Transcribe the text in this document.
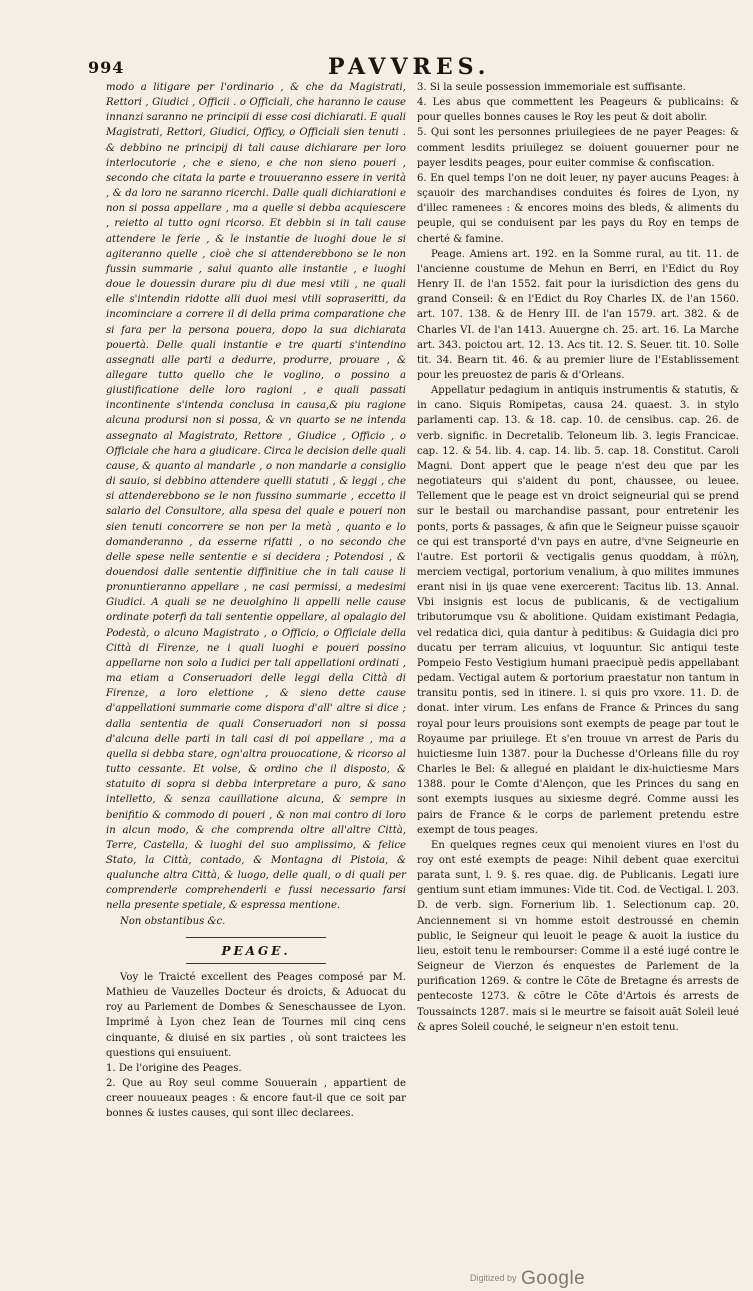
994	PAVVRES.

modo a litigare per l'ordinario , & che da Magistrati, Rettori , Giudici , Officii . o Officiali, che haranno le cause innanzi saranno ne principii di esse cosi dichiarati. E quali Magistrati, Rettori, Giudici, Officy, o Officiali sien tenuti . & debbino ne principij di tali cause dichiarare per loro interlocutorie , che e sieno, e che non sieno poueri , secondo che citata la parte e trouueranno essere in verità , & da loro ne saranno ricerchi. Dalle quali dichiarationi e non si possa appellare , ma a quelle si debba acquiescere , reietto al tutto ogni ricorso. Et debbin si in tali cause attendere le ferie , & le instantie de luoghi doue le si agiteranno quelle , cioè che si attenderebbono se le non fussin summarie , salui quanto alle instantie , e luoghi doue le douessin durare piu di due mesi vtili , ne quali elle s'intendin ridotte alli duoi mesi vtili sopraseritti, da incominciare a correre il di della prima comparatione che si fara per la persona pouera, dopo la sua dichiarata pouertà. Delle quali instantie e tre quarti s'intendino assegnati alle parti a dedurre, produrre, prouare , & allegare tutto quello che le voglino, o possino a giustificatione delle loro ragioni , e quali passati incontinente s'intenda conclusa in causa,& piu ragione alcuna prodursi non si possa, & vn quarto se ne intenda assegnato al Magistrato, Rettore , Giudice , Officio , o Officiale che hara a giudicare. Circa le decision delle quali cause, & quanto al mandarle , o non mandarle a consiglio di sauio, si debbino attendere quelli statuti , & leggi , che si attenderebbono se le non fussino summarie , eccetto il salario del Consultore, alla spesa del quale e poueri non sien tenuti concorrere se non per la metà , quanto e lo domanderanno , da esserne rifatti , o no secondo che delle spese nelle sententie e si decidera ; Potendosi , & douendosi dalle sententie diffinitiue che in tali cause li pronuntieranno appellare , ne casi permissi, a medesimi Giudici. A quali se ne deuolghino li appelli nelle cause ordinate poterfi da tali sententie oppellare, al opalagio del Podestà, o alcuno Magistrato , o Officio, o Officiale della Città di Firenze, ne i quali luoghi e poueri possino appellarne non solo a Iudici per tali appellationi ordinati , ma etiam a Conseruadori delle leggi della Città di Firenze, a loro elettione , & sieno dette cause d'appellationi summarie come dispora d'all' altre si dice ; dalla sententia de quali Conseruadori non si possa d'alcuna delle parti in tali casi di poi appellare , ma a quella si debba stare, ogn'altra prouocatione, & ricorso al tutto cessante. Et volse, & ordino che il disposto, & statuito di sopra si debba interpretare a puro, & sano intelletto, & senza cauillatione alcuna, & sempre in benifitio & commodo di poueri , & non mai contro di loro in alcun modo, & che comprenda oltre all'altre Città, Terre, Castella, & luoghi del suo amplissimo, & felice Stato, la Città, contado, & Montagna di Pistoia, & qualunche altra Città, & luogo, delle quali, o di quali per comprenderle comprehenderli e fussi necessario farsi nella presente spetiale, & espressa mentione.

Non obstantibus &c.

PEAGE.

Voy le Traicté excellent des Peages composé par M. Mathieu de Vauzelles Docteur és droicts, & Aduocat du roy au Parlement de Dombes & Seneschaussee de Lyon. Imprimé à Lyon chez Iean de Tournes mil cinq cens cinquante, & diuisé en six parties , où sont traictees les questions qui ensuiuent.

1. De l'origine des Peages.

2. Que au Roy seul comme Souuerain , appartient de creer nouueaux peages : & encore faut-il que ce soit par bonnes & iustes causes, qui sont illec declarees.

3. Si la seule possession immemoriale est suffisante.

4. Les abus que commettent les Peageurs & publicains: & pour quelles bonnes causes le Roy les peut & doit abolir.

5. Qui sont les personnes priuilegiees de ne payer Peages: & comment lesdits priuilegez se doiuent gouuerner pour ne payer lesdits peages, pour euiter commise & confiscation.

6. En quel temps l'on ne doit leuer, ny payer aucuns Peages: à sçauoir des marchandises conduites és foires de Lyon, ny d'illec ramenees : & encores moins des bleds, & aliments du peuple, qui se conduisent par les pays du Roy en temps de cherté & famine.

Peage. Amiens art. 192. en la Somme rural, au tit. 11. de l'ancienne coustume de Mehun en Berri, en l'Edict du Roy Henry II. de l'an 1552. fait pour la iurisdiction des gens du grand Conseil: & en l'Edict du Roy Charles IX. de l'an 1560. art. 107. 138. & de Henry III. de l'an 1579. art. 382. & de Charles VI. de l'an 1413. Auuergne ch. 25. art. 16. La Marche art. 343. poictou art. 12. 13. Acs tit. 12. S. Seuer. tit. 10. Solle tit. 34. Bearn tit. 46. & au premier liure de l'Establissement pour les preuostez de paris & d'Orleans.

Appellatur pedagium in antiquis instrumentis & statutis, & in cano. Siquis Romipetas, causa 24. quaest. 3. in stylo parlamenti cap. 13. & 18. cap. 10. de censibus. cap. 26. de verb. signific. in Decretalib. Teloneum lib. 3. legis Francicae. cap. 12. & 54. lib. 4. cap. 14. lib. 5. cap. 18. Constitut. Caroli Magni. Dont appert que le peage n'est deu que par les negotiateurs qui s'aident du pont, chaussee, ou leuee. Tellement que le peage est vn droict seigneurial qui se prend sur le bestail ou marchandise passant, pour entretenir les ponts, ports & passages, & afin que le Seigneur puisse sçauoir ce qui est transporté d'vn pays en autre, d'vne Seigneurie en l'autre. Est portorii & vectigalis genus quoddam, à πύλη, merciem vectigal, portorium venalium, à quo milites immunes erant nisi in ijs quae vene exercerent: Tacitus lib. 13. Annal. Vbi insignis est locus de publicanis, & de vectigalium tributorumque vsu & abolitione. Quidam existimant Pedagia, vel redatica dici, quia dantur à peditibus: & Guidagia dici pro ducatu per terram alicuius, vt loquuntur. Sic antiqui teste Pompeio Festo Vestigium humani praecipuè pedis appellabant pedam. Vectigal autem & portorium praestatur non tantum in transitu pontis, sed in itinere. l. si quis pro vxore. 11. D. de donat. inter virum. Les enfans de France & Princes du sang royal pour leurs prouisions sont exempts de peage par tout le Royaume par priuilege. Et s'en trouue vn arrest de Paris du huictiesme Iuin 1387. pour la Duchesse d'Orleans fille du roy Charles le Bel: & allegué en plaidant le dix-huictiesme Mars 1388. pour le Comte d'Alençon, que les Princes du sang en sont exempts iusques au sixiesme degré. Comme aussi les pairs de France & le corps de parlement pretendu estre exempt de tous peages.

En quelques regnes ceux qui menoient viures en l'ost du roy ont esté exempts de peage: Nihil debent quae exercitui parata sunt, l. 9. §. res quae. dig. de Publicanis. Legati iure gentium sunt etiam immunes: Vide tit. Cod. de Vectigal. l. 203. D. de verb. sign. Fornerium lib. 1. Selectionum cap. 20. Anciennement si vn homme estoit destroussé en chemin public, le Seigneur qui leuoit le peage & auoit la iustice du lieu, estoit tenu le rembourser: Comme il a esté iugé contre le Seigneur de Vierzon és enquestes de Parlement de la purification 1269. & contre le Cõte de Bretagne és arrests de pentecoste 1273. & cõtre le Cõte d'Artois és arrests de Toussaincts 1287. mais si le meurtre se faisoit auãt Soleil leué & apres Soleil couché, le seigneur n'en estoit tenu.

Digitized by Google
